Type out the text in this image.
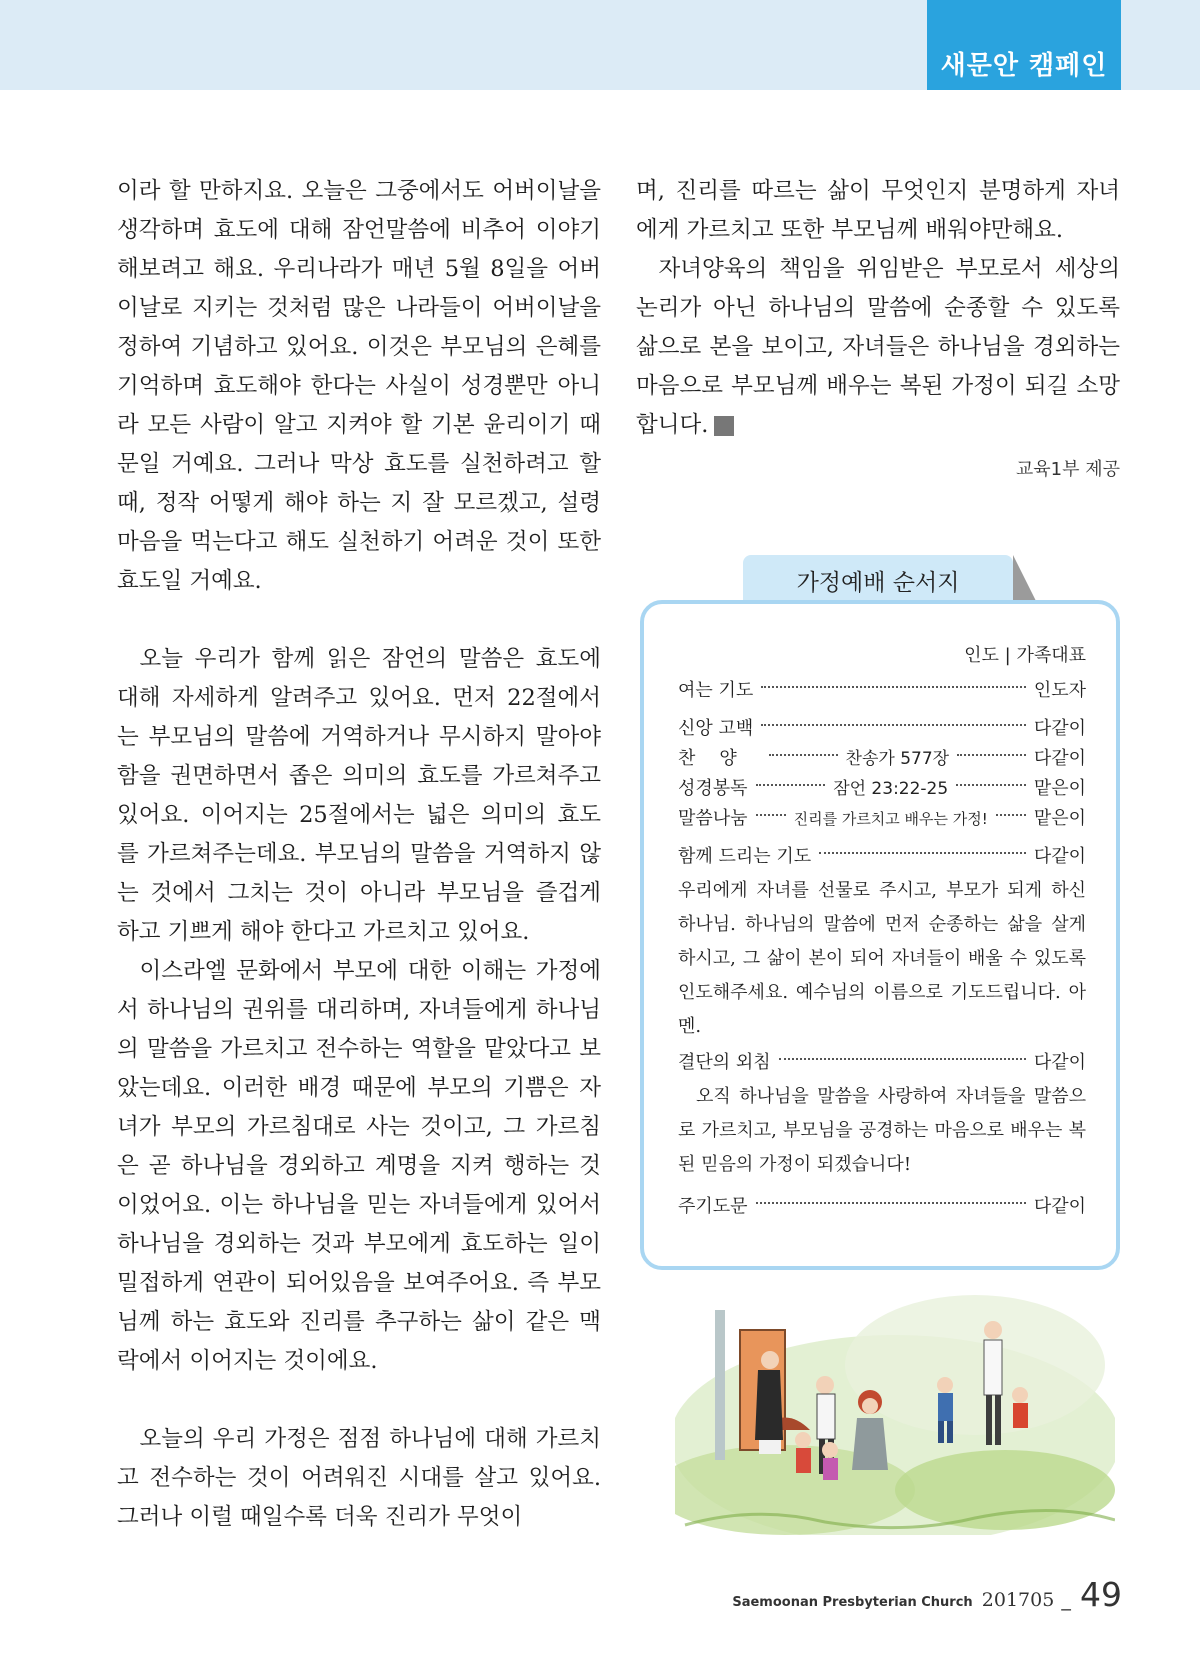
새문안 캠페인

이라 할 만하지요. 오늘은 그중에서도 어버이날을 생각하며 효도에 대해 잠언말씀에 비추어 이야기해보려고 해요. 우리나라가 매년 5월 8일을 어버이날로 지키는 것처럼 많은 나라들이 어버이날을 정하여 기념하고 있어요. 이것은 부모님의 은혜를 기억하며 효도해야 한다는 사실이 성경뿐만 아니라 모든 사람이 알고 지켜야 할 기본 윤리이기 때문일 거예요. 그러나 막상 효도를 실천하려고 할 때, 정작 어떻게 해야 하는 지 잘 모르겠고, 설령 마음을 먹는다고 해도 실천하기 어려운 것이 또한 효도일 거예요.

오늘 우리가 함께 읽은 잠언의 말씀은 효도에 대해 자세하게 알려주고 있어요. 먼저 22절에서는 부모님의 말씀에 거역하거나 무시하지 말아야 함을 권면하면서 좁은 의미의 효도를 가르쳐주고 있어요. 이어지는 25절에서는 넓은 의미의 효도를 가르쳐주는데요. 부모님의 말씀을 거역하지 않는 것에서 그치는 것이 아니라 부모님을 즐겁게 하고 기쁘게 해야 한다고 가르치고 있어요.

이스라엘 문화에서 부모에 대한 이해는 가정에서 하나님의 권위를 대리하며, 자녀들에게 하나님의 말씀을 가르치고 전수하는 역할을 맡았다고 보았는데요. 이러한 배경 때문에 부모의 기쁨은 자녀가 부모의 가르침대로 사는 것이고, 그 가르침은 곧 하나님을 경외하고 계명을 지켜 행하는 것이었어요. 이는 하나님을 믿는 자녀들에게 있어서 하나님을 경외하는 것과 부모에게 효도하는 일이 밀접하게 연관이 되어있음을 보여주어요. 즉 부모님께 하는 효도와 진리를 추구하는 삶이 같은 맥락에서 이어지는 것이에요.

오늘의 우리 가정은 점점 하나님에 대해 가르치고 전수하는 것이 어려워진 시대를 살고 있어요. 그러나 이럴 때일수록 더욱 진리가 무엇이

며, 진리를 따르는 삶이 무엇인지 분명하게 자녀에게 가르치고 또한 부모님께 배워야만해요.

자녀양육의 책임을 위임받은 부모로서 세상의 논리가 아닌 하나님의 말씀에 순종할 수 있도록 삶으로 본을 보이고, 자녀들은 하나님을 경외하는 마음으로 부모님께 배우는 복된 가정이 되길 소망합니다. 새

교육1부 제공
가정예배 순서지
인도 | 가족대표
여는 기도	인도자
신앙 고백	다같이
찬양	찬송가 577장	다같이
성경봉독	잠언 23:22-25	맡은이
말씀나눔	진리를 가르치고 배우는 가정!	맡은이
함께 드리는 기도	다같이

우리에게 자녀를 선물로 주시고, 부모가 되게 하신 하나님. 하나님의 말씀에 먼저 순종하는 삶을 살게 하시고, 그 삶이 본이 되어 자녀들이 배울 수 있도록 인도해주세요. 예수님의 이름으로 기도드립니다. 아멘.

결단의 외침	다같이

오직 하나님을 말씀을 사랑하여 자녀들을 말씀으로 가르치고, 부모님을 공경하는 마음으로 배우는 복된 믿음의 가정이 되겠습니다!

주기도문	다같이
Saemoonan Presbyterian Church 201705 _ 49
